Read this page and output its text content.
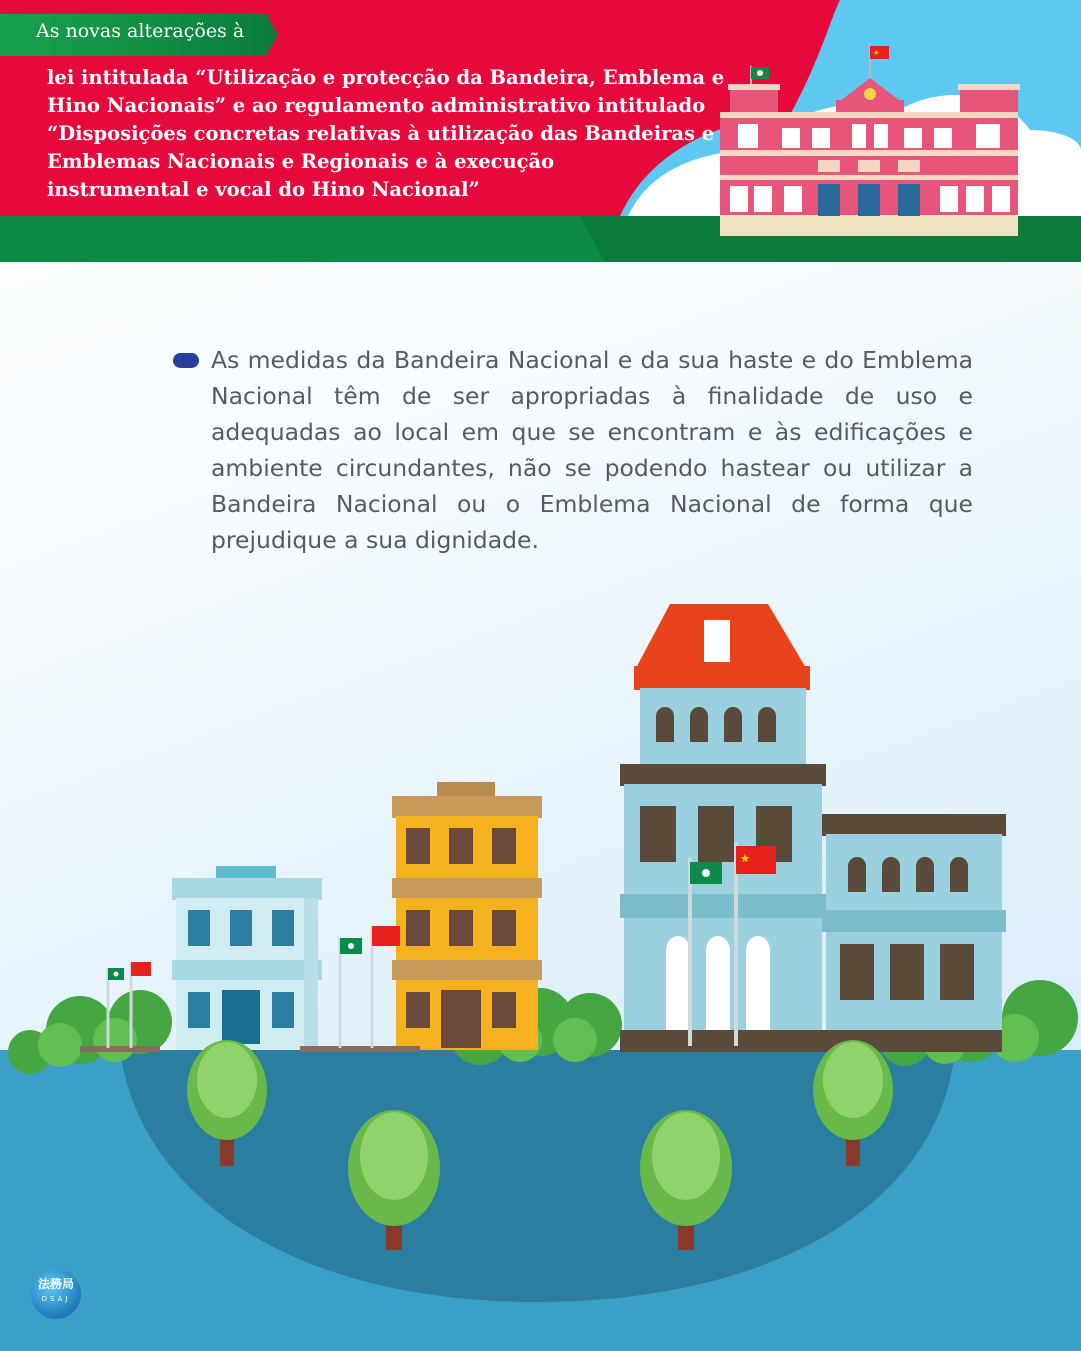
★
As novas alterações à
lei intitulada “Utilização e protecção da Bandeira, Emblema e
Hino Nacionais” e ao regulamento administrativo intitulado
“Disposições concretas relativas à utilização das Bandeiras e
Emblemas Nacionais e Regionais e à execução
instrumental e vocal do Hino Nacional”
As medidas da Bandeira Nacional e da sua haste e do Emblema Nacional têm de ser apropriadas à finalidade de uso e adequadas ao local em que se encontram e às edificações e ambiente circundantes, não se podendo hastear ou utilizar a Bandeira Nacional ou o Emblema Nacional de forma que prejudique a sua dignidade.
★
法務局
DSAJ
